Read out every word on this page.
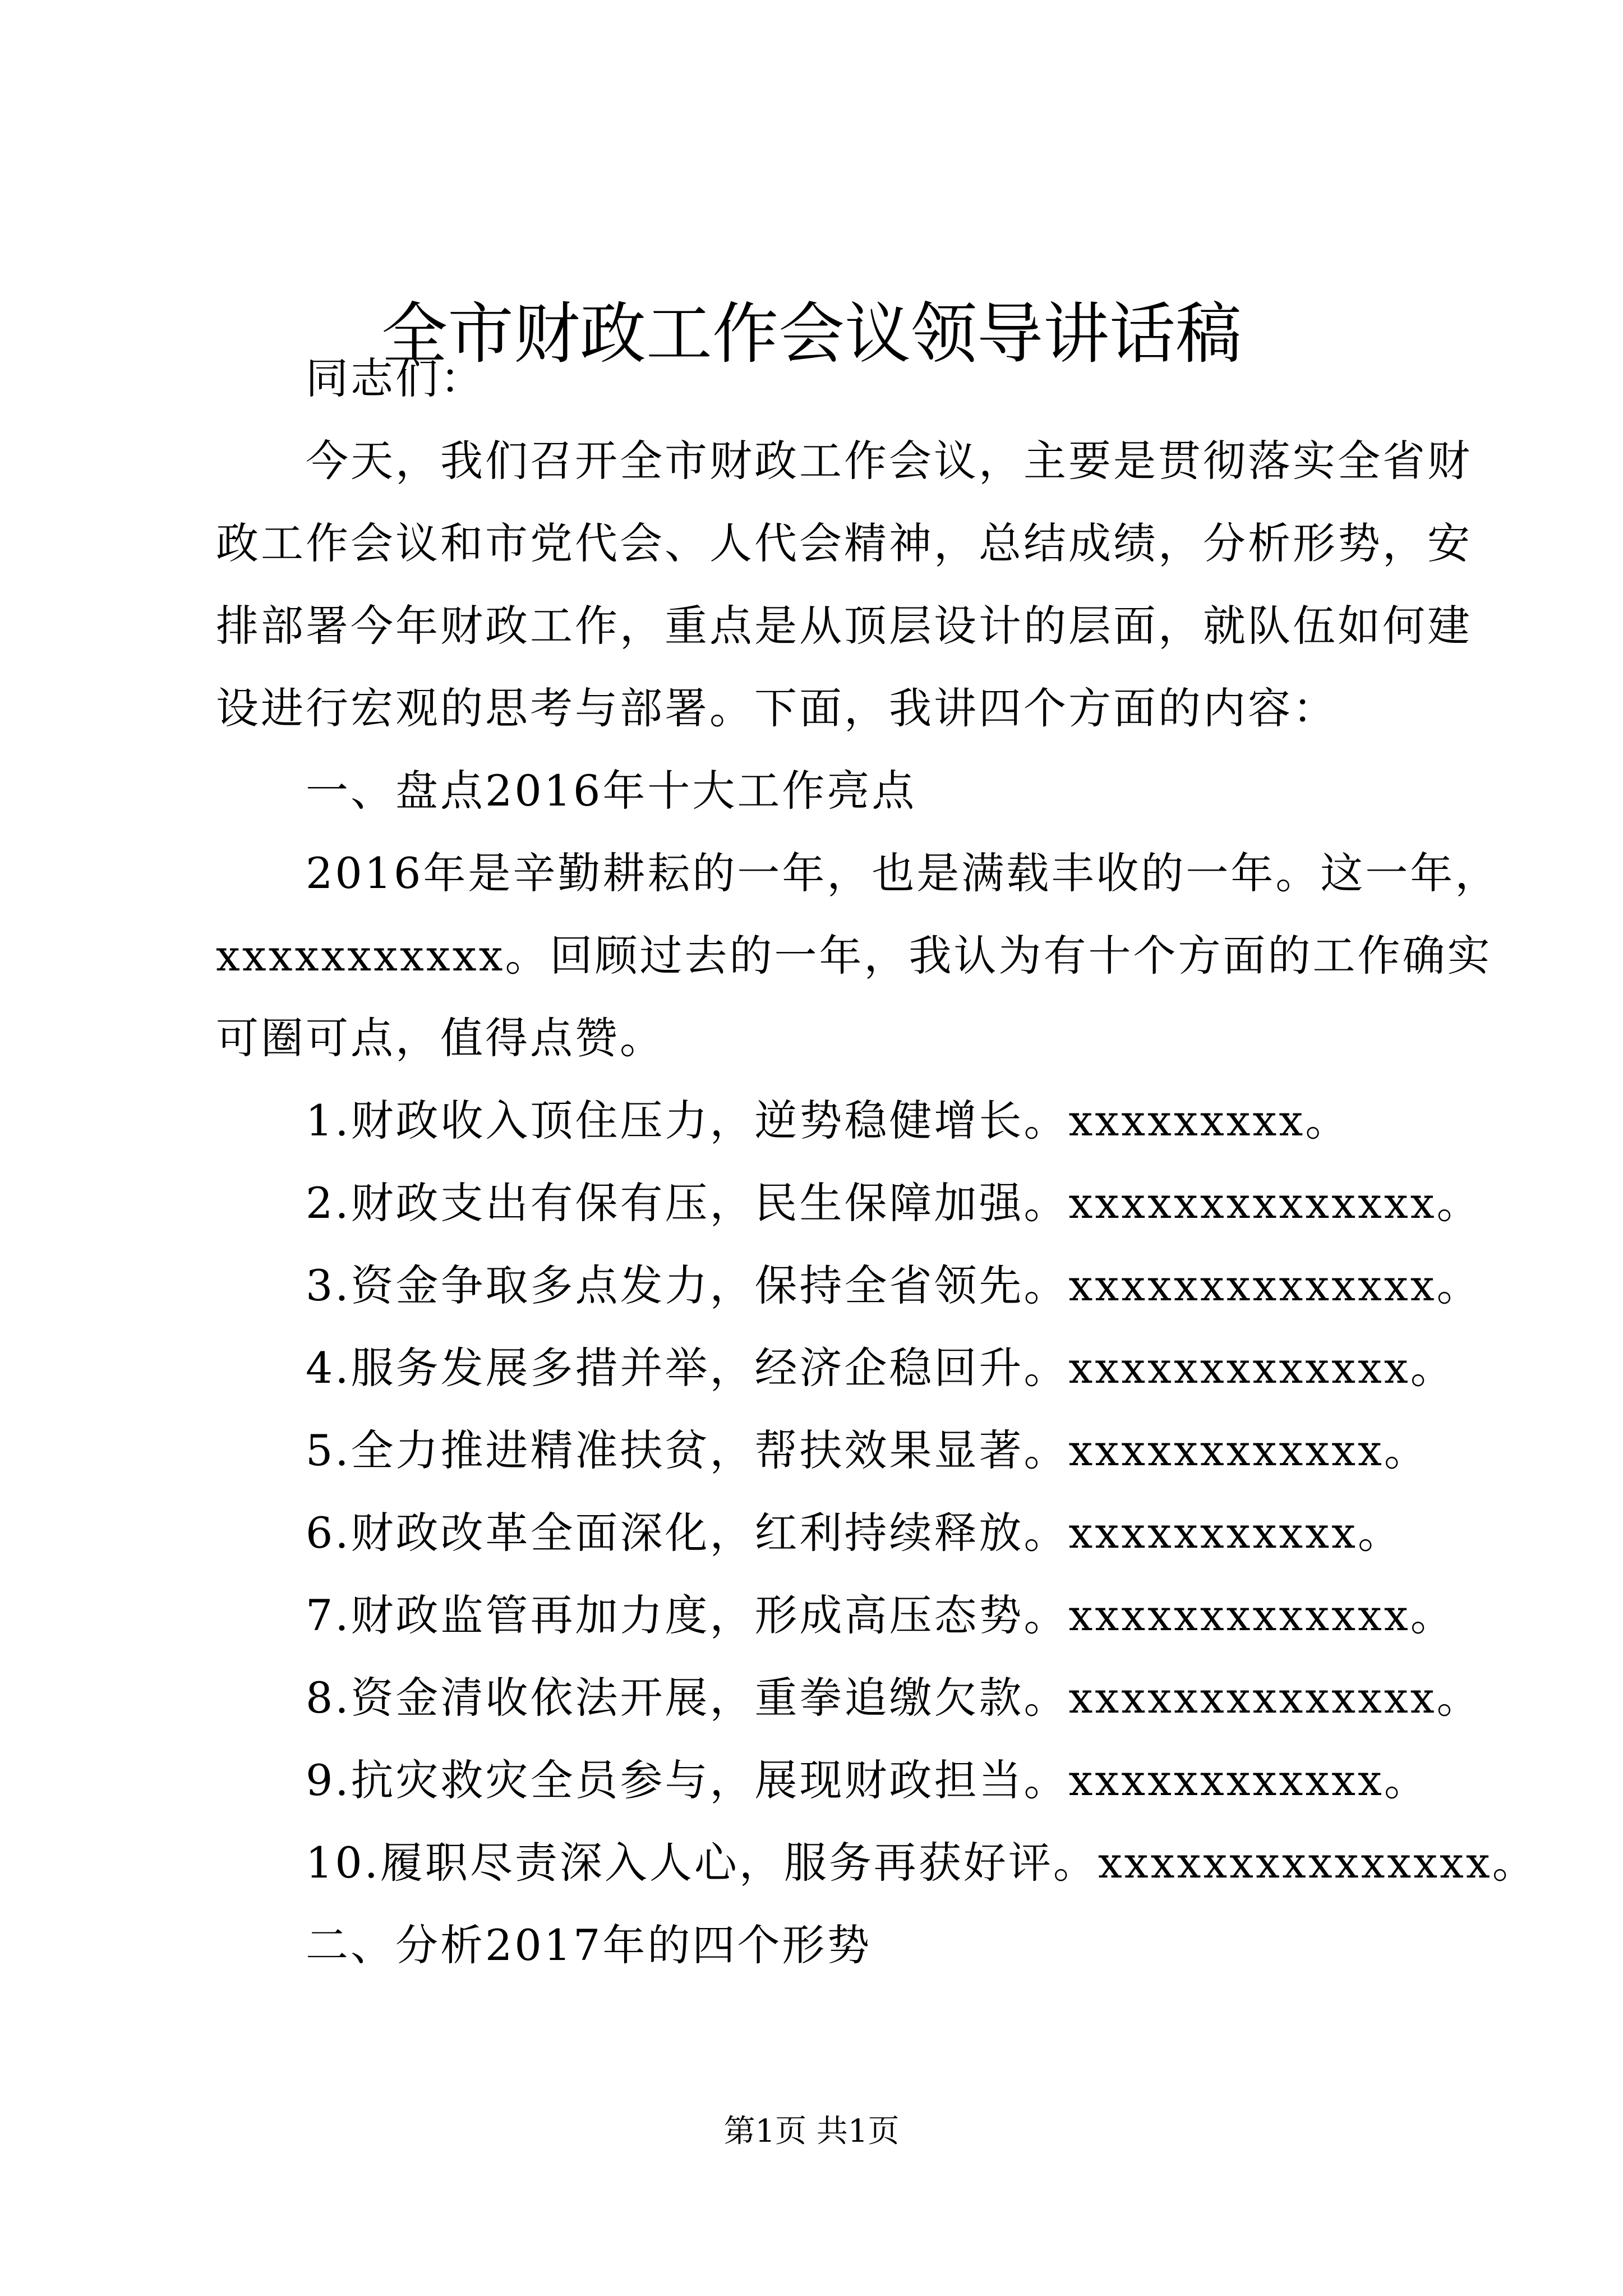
全市财政工作会议领导讲话稿
同志们：
今天，我们召开全市财政工作会议，主要是贯彻落实全省财
政工作会议和市党代会、人代会精神，总结成绩，分析形势，安
排部署今年财政工作，重点是从顶层设计的层面，就队伍如何建
设进行宏观的思考与部署。下面，我讲四个方面的内容：
一、盘点2016年十大工作亮点
2016年是辛勤耕耘的一年，也是满载丰收的一年。这一年，
xxxxxxxxxxx。回顾过去的一年，我认为有十个方面的工作确实
可圈可点，值得点赞。
1.财政收入顶住压力，逆势稳健增长。xxxxxxxxx。
2.财政支出有保有压，民生保障加强。xxxxxxxxxxxxxx。
3.资金争取多点发力，保持全省领先。xxxxxxxxxxxxxx。
4.服务发展多措并举，经济企稳回升。xxxxxxxxxxxxx。
5.全力推进精准扶贫，帮扶效果显著。xxxxxxxxxxxx。
6.财政改革全面深化，红利持续释放。xxxxxxxxxxx。
7.财政监管再加力度，形成高压态势。xxxxxxxxxxxxx。
8.资金清收依法开展，重拳追缴欠款。xxxxxxxxxxxxxx。
9.抗灾救灾全员参与，展现财政担当。xxxxxxxxxxxx。
10.履职尽责深入人心，服务再获好评。xxxxxxxxxxxxxxx。
二、分析2017年的四个形势
第1页 共1页
